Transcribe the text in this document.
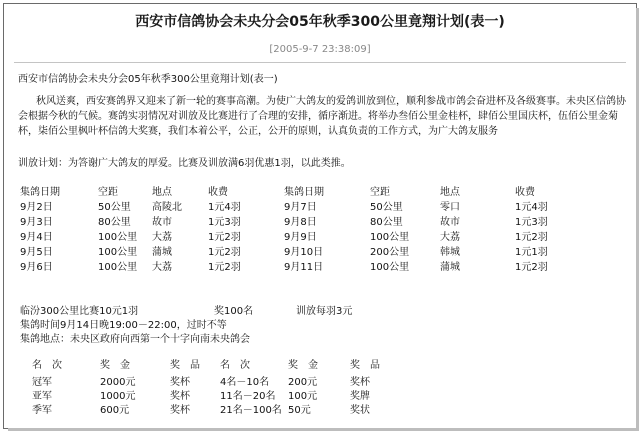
西安市信鸽协会未央分会05年秋季300公里竟翔计划(表一)
[2005-9-7 23:38:09]
西安市信鸽协会未央分会05年秋季300公里竟翔计划(表一)
秋风送爽，西安赛鸽界又迎来了新一轮的赛事高潮。为使广大鸽友的爱鸽训放到位，顺利参战市鸽会奋进杯及各级赛事。未央区信鸽协会根据今秋的气候。赛鸽实羽情况对训放及比赛进行了合理的安排，循序渐进。将举办叁佰公里金桂杯，肆佰公里国庆杯，伍佰公里金菊杯，柒佰公里枫叶杯信鸽大奖赛，我们本着公平，公正，公开的原则，认真负责的工作方式，为广大鸽友服务
训放计划：为答谢广大鸽友的厚爱。比赛及训放满6羽优惠1羽，以此类推。
集鸽日期	空距	地点	收费	集鸽日期	空距	地点	收费
9月2日	50公里 高陵北	1元4羽	9月7日	50公里	零口	1元4羽
9月3日	80公里 故市	1元3羽	9月8日	80公里	故市	1元3羽
9月4日	100公里 大荔	1元2羽	9月9日	100公里	大荔	1元2羽
9月5日	100公里 蒲城	1元2羽	9月10日	200公里	韩城	1元1羽
9月6日	100公里 大荔	1元2羽	9月11日	100公里	蒲城	1元2羽
临汾300公里比赛10元1羽	奖100名	训放每羽3元
集鸽时间9月14日晚19:00－22:00，过时不等
集鸽地点：未央区政府向西第一个十字向南未央鸽会
名　次	奖　金	奖　品 名　次	奖　金	奖　品
冠军	2000元	奖杯	4名－10名 200元	奖杯
亚军	1000元	奖杯	11名－20名 100元	奖牌
季军	600元	奖杯	21名－100名 50元	奖状
